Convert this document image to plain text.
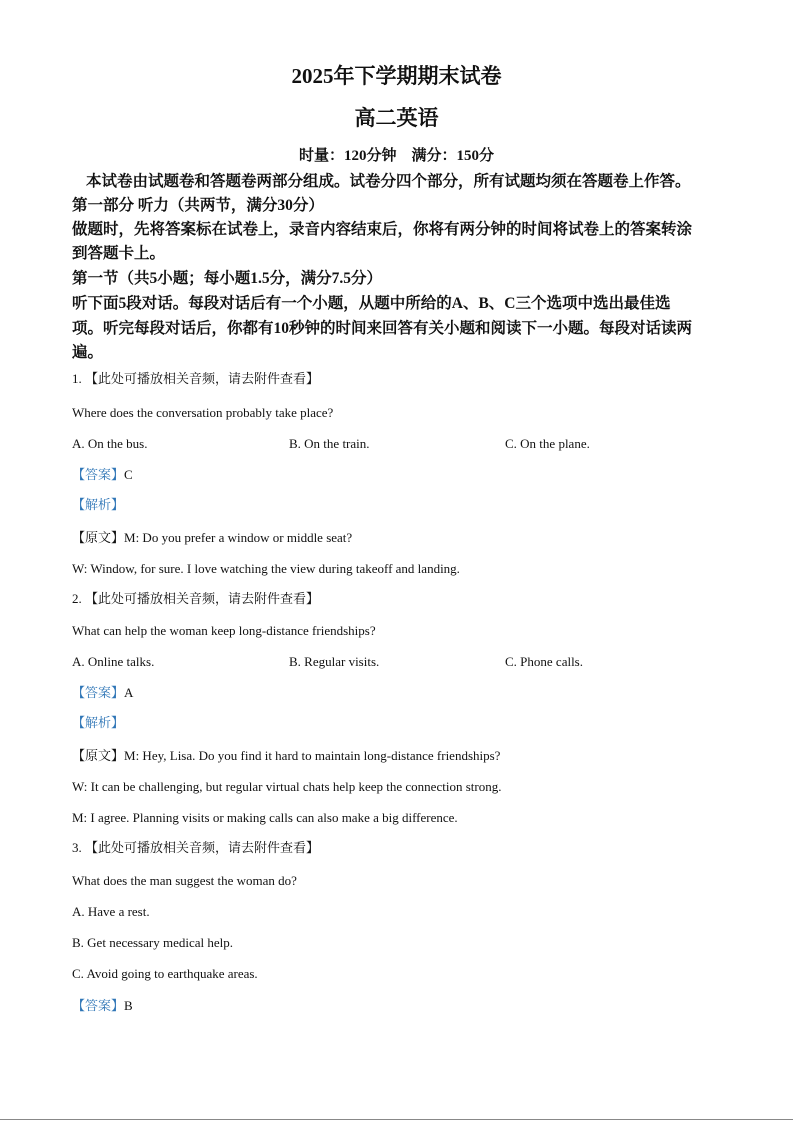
2025年下学期期末试卷
高二英语
时量：120分钟　满分：150分
本试卷由试题卷和答题卷两部分组成。试卷分四个部分，所有试题均须在答题卷上作答。
第一部分 听力（共两节，满分30分）
做题时，先将答案标在试卷上，录音内容结束后，你将有两分钟的时间将试卷上的答案转涂
到答题卡上。
第一节（共5小题；每小题1.5分，满分7.5分）
听下面5段对话。每段对话后有一个小题，从题中所给的A、B、C三个选项中选出最佳选
项。听完每段对话后，你都有10秒钟的时间来回答有关小题和阅读下一小题。每段对话读两
遍。
1. 【此处可播放相关音频，请去附件查看】
Where does the conversation probably take place?
A. On the bus.	B. On the train.	C. On the plane.
【答案】C
【解析】
【原文】M: Do you prefer a window or middle seat?
W: Window, for sure. I love watching the view during takeoff and landing.
2. 【此处可播放相关音频，请去附件查看】
What can help the woman keep long-distance friendships?
A. Online talks.	B. Regular visits.	C. Phone calls.
【答案】A
【解析】
【原文】M: Hey, Lisa. Do you find it hard to maintain long-distance friendships?
W: It can be challenging, but regular virtual chats help keep the connection strong.
M: I agree. Planning visits or making calls can also make a big difference.
3. 【此处可播放相关音频，请去附件查看】
What does the man suggest the woman do?
A. Have a rest.
B. Get necessary medical help.
C. Avoid going to earthquake areas.
【答案】B
